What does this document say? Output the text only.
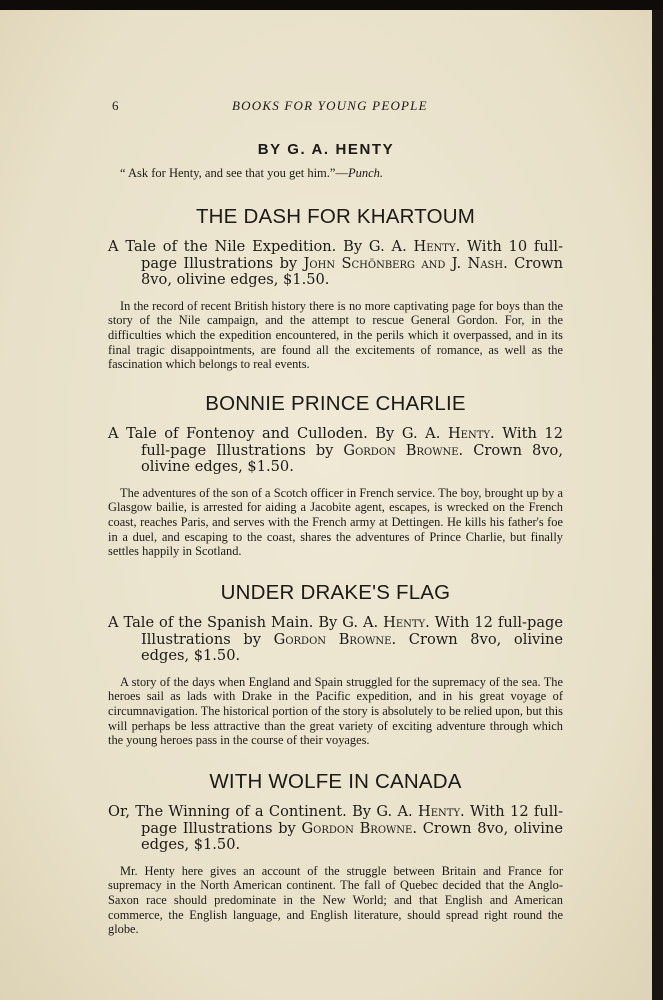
6	BOOKS FOR YOUNG PEOPLE
BY G. A. HENTY
“ Ask for Henty, and see that you get him.”—Punch.
THE DASH FOR KHARTOUM

A Tale of the Nile Expedition. By G. A. Henty. With 10 full-page Illustrations by John Schönberg and J. Nash. Crown 8vo, olivine edges, $1.50.

In the record of recent British history there is no more captivating page for boys than the story of the Nile campaign, and the attempt to rescue General Gordon. For, in the difficulties which the expedition encountered, in the perils which it overpassed, and in its final tragic disappointments, are found all the excitements of romance, as well as the fascination which belongs to real events.

BONNIE PRINCE CHARLIE

A Tale of Fontenoy and Culloden. By G. A. Henty. With 12 full-page Illustrations by Gordon Browne. Crown 8vo, olivine edges, $1.50.

The adventures of the son of a Scotch officer in French service. The boy, brought up by a Glasgow bailie, is arrested for aiding a Jacobite agent, escapes, is wrecked on the French coast, reaches Paris, and serves with the French army at Dettingen. He kills his father's foe in a duel, and escaping to the coast, shares the adventures of Prince Charlie, but finally settles happily in Scotland.

UNDER DRAKE'S FLAG

A Tale of the Spanish Main. By G. A. Henty. With 12 full-page Illustrations by Gordon Browne. Crown 8vo, olivine edges, $1.50.

A story of the days when England and Spain struggled for the supremacy of the sea. The heroes sail as lads with Drake in the Pacific expedition, and in his great voyage of circumnavigation. The historical portion of the story is absolutely to be relied upon, but this will perhaps be less attractive than the great variety of exciting adventure through which the young heroes pass in the course of their voyages.

WITH WOLFE IN CANADA

Or, The Winning of a Continent. By G. A. Henty. With 12 full-page Illustrations by Gordon Browne. Crown 8vo, olivine edges, $1.50.

Mr. Henty here gives an account of the struggle between Britain and France for supremacy in the North American continent. The fall of Quebec decided that the Anglo-Saxon race should predominate in the New World; and that English and American commerce, the English language, and English literature, should spread right round the globe.
